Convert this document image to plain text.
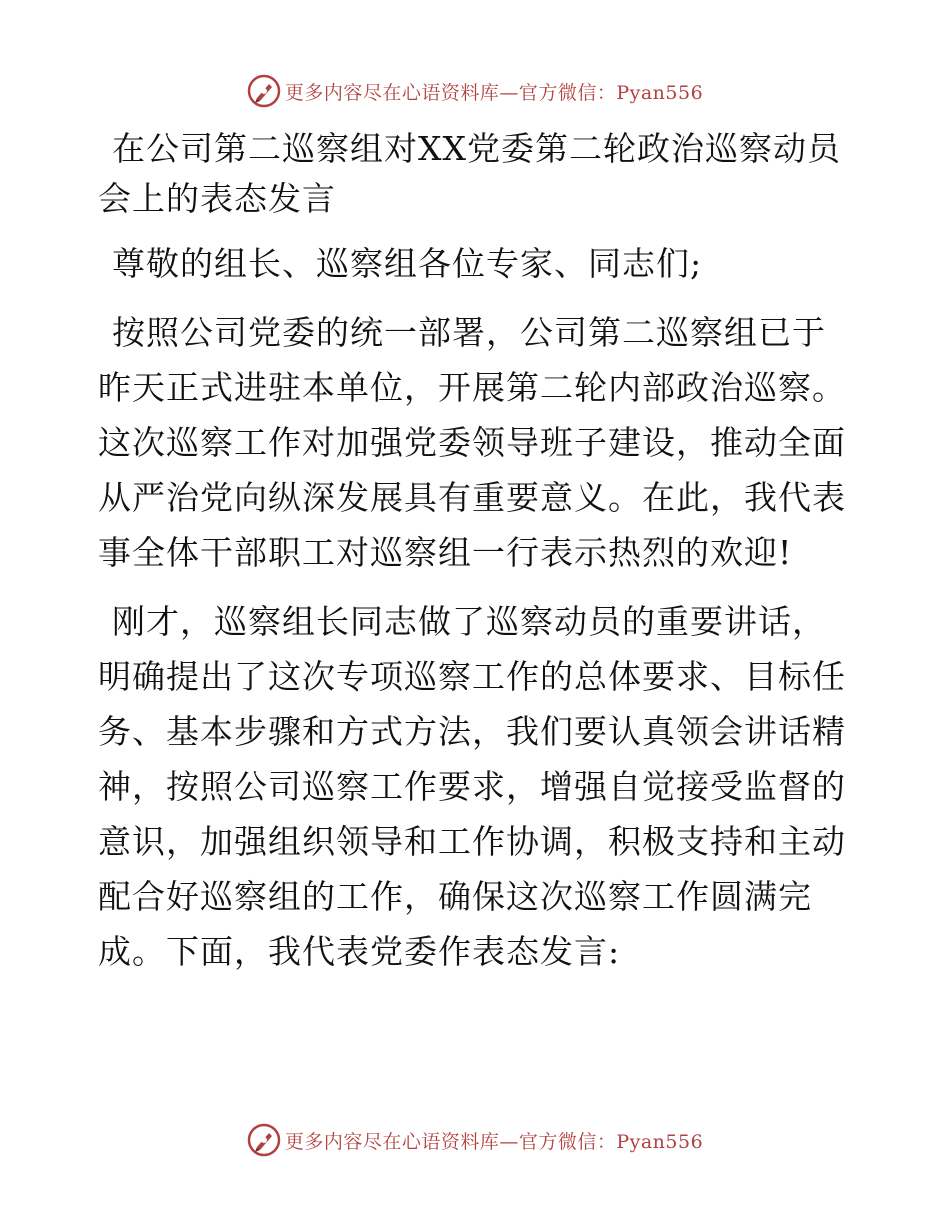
更多内容尽在心语资料库—官方微信：Pyan556
在公司第二巡察组对XX党委第二轮政治巡察动员
会上的表态发言
尊敬的组长、巡察组各位专家、同志们;
按照公司党委的统一部署，公司第二巡察组已于
昨天正式进驻本单位，开展第二轮内部政治巡察。
这次巡察工作对加强党委领导班子建设，推动全面
从严治党向纵深发展具有重要意义。在此，我代表
事全体干部职工对巡察组一行表示热烈的欢迎!
刚才，巡察组长同志做了巡察动员的重要讲话，
明确提出了这次专项巡察工作的总体要求、目标任
务、基本步骤和方式方法，我们要认真领会讲话精
神，按照公司巡察工作要求，增强自觉接受监督的
意识，加强组织领导和工作协调，积极支持和主动
配合好巡察组的工作，确保这次巡察工作圆满完
成。下面，我代表党委作表态发言:
更多内容尽在心语资料库—官方微信：Pyan556
